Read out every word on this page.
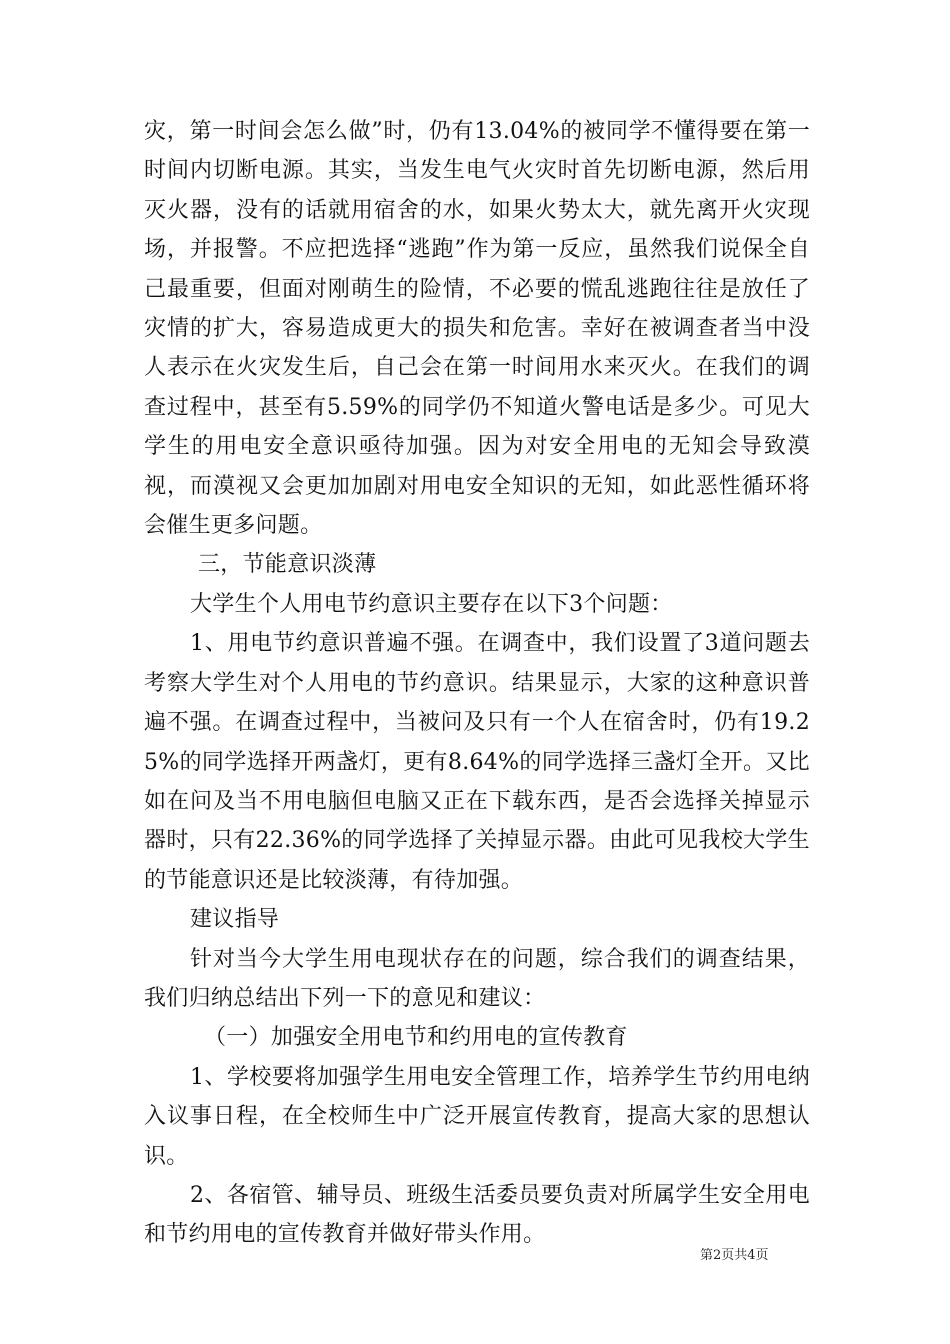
灾，第一时间会怎么做”时，仍有13.04%的被同学不懂得要在第一时间内切断电源。其实，当发生电气火灾时首先切断电源，然后用灭火器，没有的话就用宿舍的水，如果火势太大，就先离开火灾现场，并报警。不应把选择“逃跑”作为第一反应，虽然我们说保全自己最重要，但面对刚萌生的险情，不必要的慌乱逃跑往往是放任了灾情的扩大，容易造成更大的损失和危害。幸好在被调查者当中没人表示在火灾发生后，自己会在第一时间用水来灭火。在我们的调查过程中，甚至有5.59%的同学仍不知道火警电话是多少。可见大学生的用电安全意识亟待加强。因为对安全用电的无知会导致漠视，而漠视又会更加加剧对用电安全知识的无知，如此恶性循环将会催生更多问题。

三，节能意识淡薄

大学生个人用电节约意识主要存在以下3个问题：

1、用电节约意识普遍不强。在调查中，我们设置了3道问题去考察大学生对个人用电的节约意识。结果显示，大家的这种意识普遍不强。在调查过程中，当被问及只有一个人在宿舍时，仍有19.25%的同学选择开两盏灯，更有8.64%的同学选择三盏灯全开。又比如在问及当不用电脑但电脑又正在下载东西，是否会选择关掉显示器时，只有22.36%的同学选择了关掉显示器。由此可见我校大学生的节能意识还是比较淡薄，有待加强。

建议指导

针对当今大学生用电现状存在的问题，综合我们的调查结果，我们归纳总结出下列一下的意见和建议：

（一）加强安全用电节和约用电的宣传教育

1、学校要将加强学生用电安全管理工作，培养学生节约用电纳入议事日程，在全校师生中广泛开展宣传教育，提高大家的思想认识。

2、各宿管、辅导员、班级生活委员要负责对所属学生安全用电和节约用电的宣传教育并做好带头作用。

第2页共4页
